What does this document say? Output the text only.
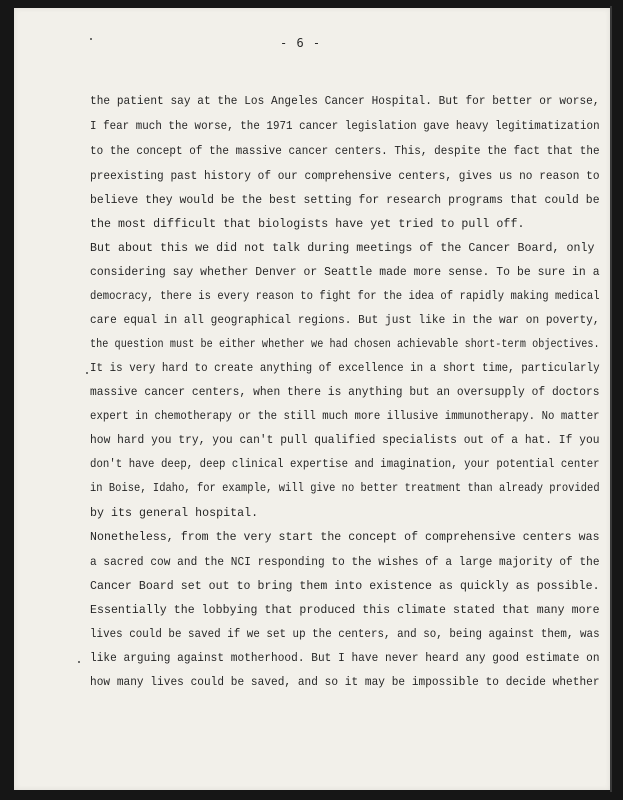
- 6 -
the patient say at the Los Angeles Cancer Hospital. But for better or worse,
I fear much the worse, the 1971 cancer legislation gave heavy legitimatization
to the concept of the massive cancer centers. This, despite the fact that the
preexisting past history of our comprehensive centers, gives us no reason to
believe they would be the best setting for research programs that could be
the most difficult that biologists have yet tried to pull off.
But about this we did not talk during meetings of the Cancer Board, only
considering say whether Denver or Seattle made more sense. To be sure in a
democracy, there is every reason to fight for the idea of rapidly making medical
care equal in all geographical regions. But just like in the war on poverty,
the question must be either whether we had chosen achievable short-term objectives.
It is very hard to create anything of excellence in a short time, particularly
massive cancer centers, when there is anything but an oversupply of doctors
expert in chemotherapy or the still much more illusive immunotherapy. No matter
how hard you try, you can't pull qualified specialists out of a hat. If you
don't have deep, deep clinical expertise and imagination, your potential center
in Boise, Idaho, for example, will give no better treatment than already provided
by its general hospital.
Nonetheless, from the very start the concept of comprehensive centers was
a sacred cow and the NCI responding to the wishes of a large majority of the
Cancer Board set out to bring them into existence as quickly as possible.
Essentially the lobbying that produced this climate stated that many more
lives could be saved if we set up the centers, and so, being against them, was
like arguing against motherhood. But I have never heard any good estimate on
how many lives could be saved, and so it may be impossible to decide whether
